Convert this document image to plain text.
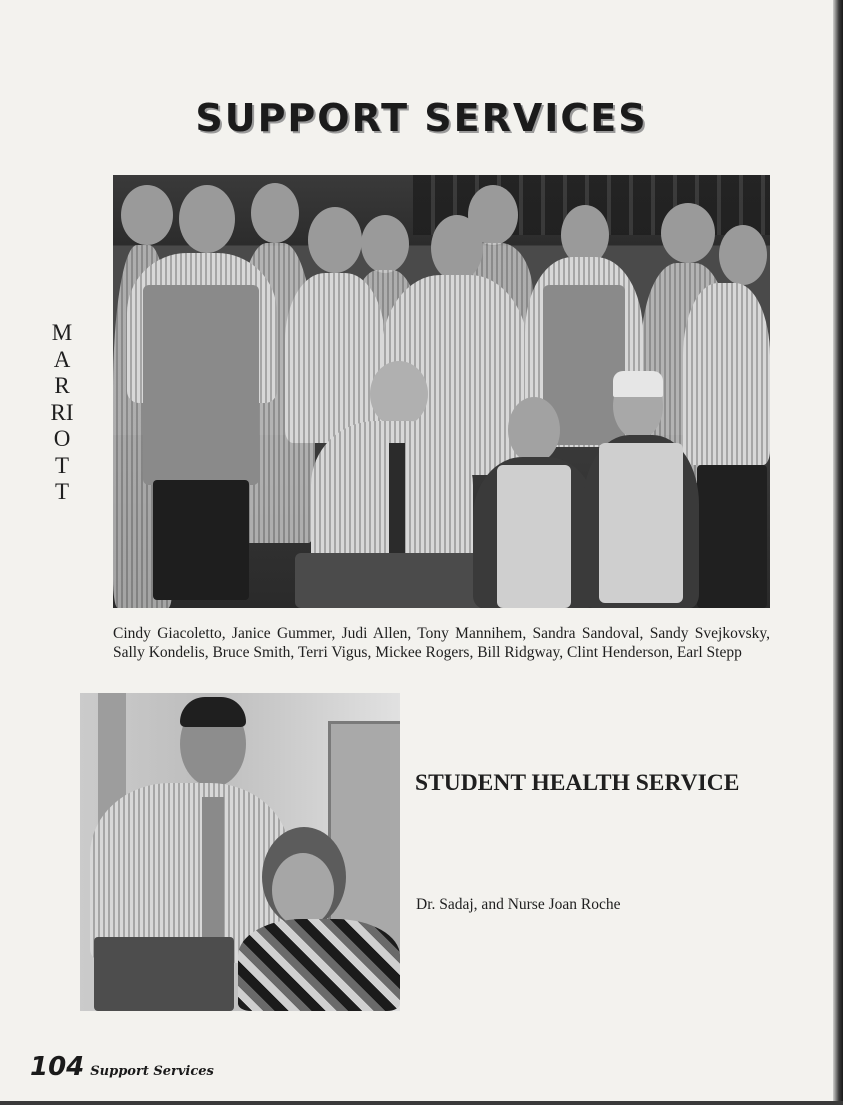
SUPPORT SERVICES
MARRIOTT

Cindy Giacoletto, Janice Gummer, Judi Allen, Tony Mannihem, Sandra Sandoval, Sandy Svejkovsky, Sally Kondelis, Bruce Smith, Terri Vigus, Mickee Rogers, Bill Ridgway, Clint Henderson, Earl Stepp

STUDENT HEALTH SERVICE

Dr. Sadaj, and Nurse Joan Roche

104 Support Services
